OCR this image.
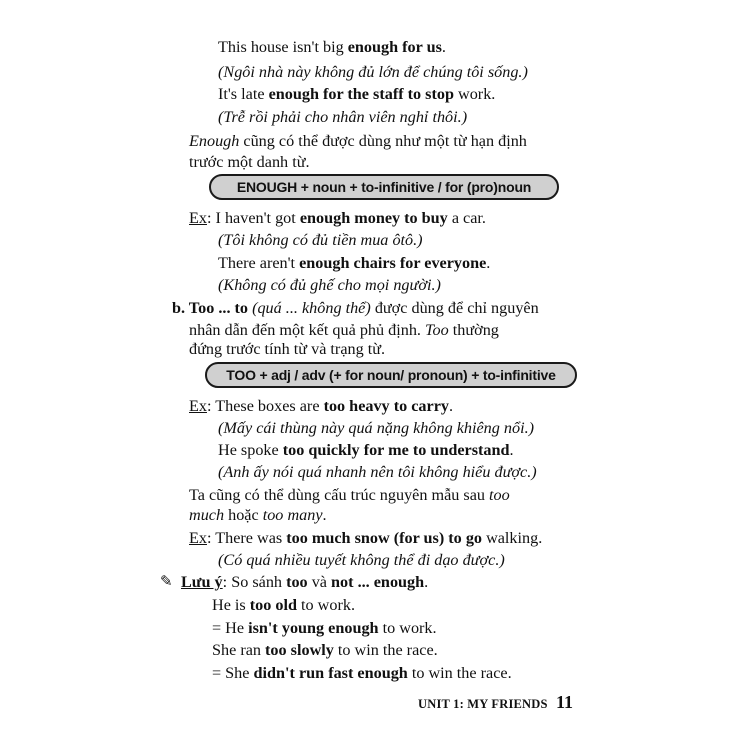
This house isn't big enough for us.
(Ngôi nhà này không đủ lớn để chúng tôi sống.)
It's late enough for the staff to stop work.
(Trễ rồi phải cho nhân viên nghỉ thôi.)
Enough cũng có thể được dùng như một từ hạn định
trước một danh từ.
ENOUGH + noun + to-infinitive / for (pro)noun
Ex: I haven't got enough money to buy a car.
(Tôi không có đủ tiền mua ôtô.)
There aren't enough chairs for everyone.
(Không có đủ ghế cho mọi người.)
b. Too ... to (quá ... không thể) được dùng để chỉ nguyên
nhân dẫn đến một kết quả phủ định. Too thường
đứng trước tính từ và trạng từ.
TOO + adj / adv (+ for noun/ pronoun) + to-infinitive
Ex: These boxes are too heavy to carry.
(Mấy cái thùng này quá nặng không khiêng nổi.)
He spoke too quickly for me to understand.
(Anh ấy nói quá nhanh nên tôi không hiểu được.)
Ta cũng có thể dùng cấu trúc nguyên mẫu sau too
much hoặc too many.
Ex: There was too much snow (for us) to go walking.
(Có quá nhiều tuyết không thể đi dạo được.)
✎ Lưu ý: So sánh too và not ... enough.
He is too old to work.
= He isn't young enough to work.
She ran too slowly to win the race.
= She didn't run fast enough to win the race.
UNIT 1: MY FRIENDS 11
